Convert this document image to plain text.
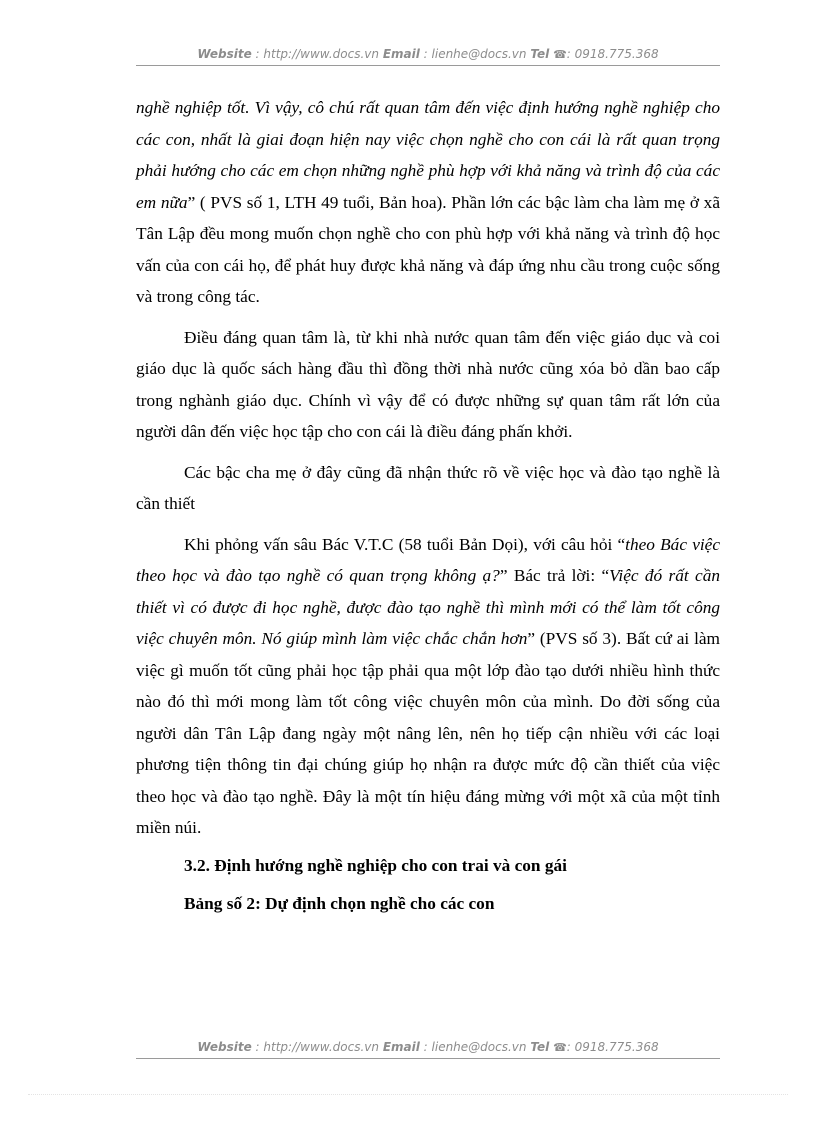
Website : http://www.docs.vn Email : lienhe@docs.vn Tel ☎: 0918.775.368

nghề nghiệp tốt. Vì vậy, cô chú rất quan tâm đến việc định hướng nghề nghiệp cho các con, nhất là giai đoạn hiện nay việc chọn nghề cho con cái là rất quan trọng phải hướng cho các em chọn những nghề phù hợp với khả năng và trình độ của các em nữa” ( PVS số 1, LTH 49 tuổi, Bản hoa). Phần lớn các bậc làm cha làm mẹ ở xã Tân Lập đều mong muốn chọn nghề cho con phù hợp với khả năng và trình độ học vấn của con cái họ, để phát huy được khả năng và đáp ứng nhu cầu trong cuộc sống và trong công tác.

Điều đáng quan tâm là, từ khi nhà nước quan tâm đến việc giáo dục và coi giáo dục là quốc sách hàng đầu thì đồng thời nhà nước cũng xóa bỏ dần bao cấp trong nghành giáo dục. Chính vì vậy để có được những sự quan tâm rất lớn của người dân đến việc học tập cho con cái là điều đáng phấn khởi.

Các bậc cha mẹ ở đây cũng đã nhận thức rõ về việc học và đào tạo nghề là cần thiết

Khi phỏng vấn sâu Bác V.T.C (58 tuổi Bản Dọi), với câu hỏi “theo Bác việc theo học và đào tạo nghề có quan trọng không ạ?” Bác trả lời: “Việc đó rất cần thiết vì có được đi học nghề, được đào tạo nghề thì mình mới có thể làm tốt công việc chuyên môn. Nó giúp mình làm việc chắc chắn hơn” (PVS số 3). Bất cứ ai làm việc gì muốn tốt cũng phải học tập phải qua một lớp đào tạo dưới nhiều hình thức nào đó thì mới mong làm tốt công việc chuyên môn của mình. Do đời sống của người dân Tân Lập đang ngày một nâng lên, nên họ tiếp cận nhiều với các loại phương tiện thông tin đại chúng giúp họ nhận ra được mức độ cần thiết của việc theo học và đào tạo nghề. Đây là một tín hiệu đáng mừng với một xã của một tỉnh miền núi.

3.2. Định hướng nghề nghiệp cho con trai và con gái

Bảng số 2: Dự định chọn nghề cho các con

Website : http://www.docs.vn Email : lienhe@docs.vn Tel ☎: 0918.775.368
